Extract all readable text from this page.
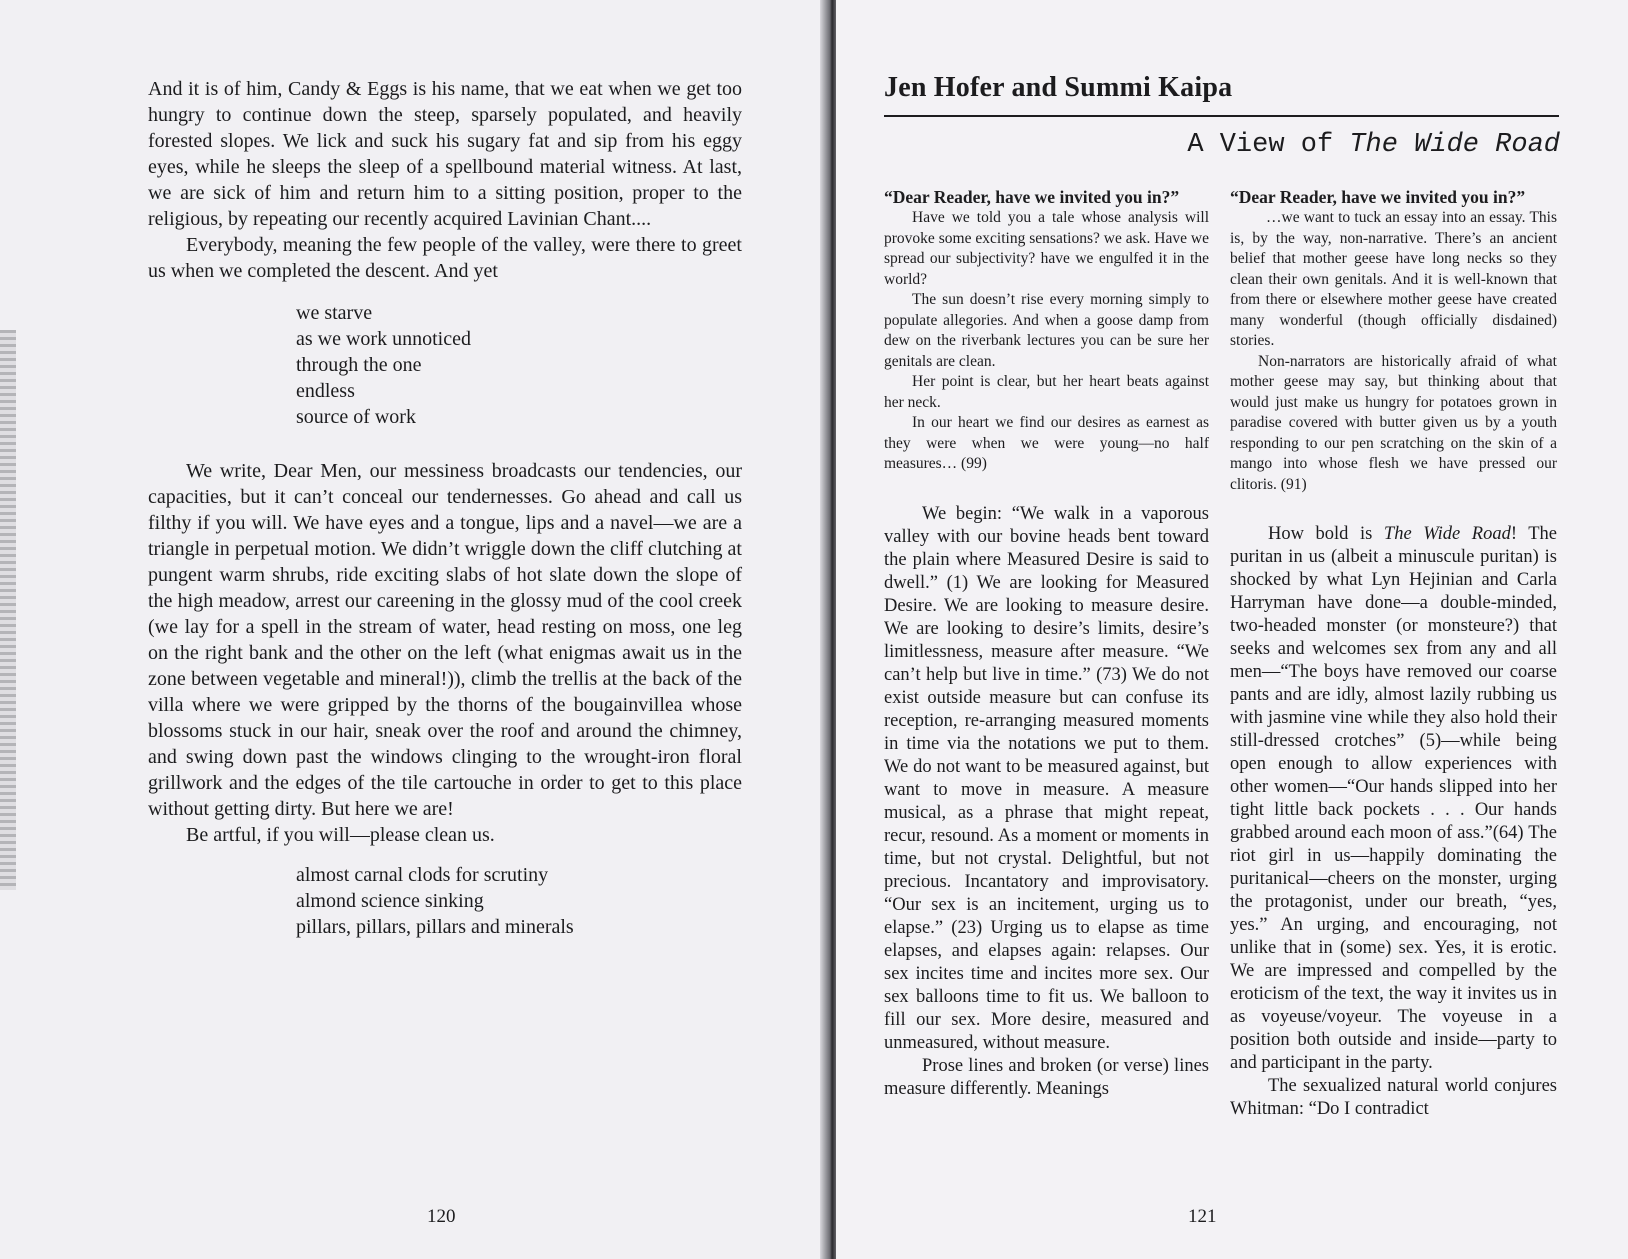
And it is of him, Candy & Eggs is his name, that we eat when we get too hungry to continue down the steep, sparsely populated, and heavily forested slopes. We lick and suck his sugary fat and sip from his eggy eyes, while he sleeps the sleep of a spellbound material witness. At last, we are sick of him and return him to a sitting position, proper to the religious, by repeating our recently acquired Lavinian Chant....

Everybody, meaning the few people of the valley, were there to greet us when we completed the descent. And yet

we starve
as we work unnoticed
through the one
endless
source of work

We write, Dear Men, our messiness broadcasts our tendencies, our capacities, but it can’t conceal our tendernesses. Go ahead and call us filthy if you will. We have eyes and a tongue, lips and a navel—we are a triangle in perpetual motion. We didn’t wriggle down the cliff clutching at pungent warm shrubs, ride exciting slabs of hot slate down the slope of the high meadow, arrest our careening in the glossy mud of the cool creek (we lay for a spell in the stream of water, head resting on moss, one leg on the right bank and the other on the left (what enigmas await us in the zone between vegetable and mineral!)), climb the trellis at the back of the villa where we were gripped by the thorns of the bougainvillea whose blossoms stuck in our hair, sneak over the roof and around the chimney, and swing down past the windows clinging to the wrought-iron floral grillwork and the edges of the tile cartouche in order to get to this place without getting dirty. But here we are!

Be artful, if you will—please clean us.

almost carnal clods for scrutiny
almond science sinking
pillars, pillars, pillars and minerals
120
Jen Hofer and Summi Kaipa
A View of The Wide Road

“Dear Reader, have we invited you in?”

Have we told you a tale whose analysis will provoke some exciting sensations? we ask. Have we spread our subjectivity? have we engulfed it in the world?

The sun doesn’t rise every morning simply to populate allegories. And when a goose damp from dew on the riverbank lectures you can be sure her genitals are clean.

Her point is clear, but her heart beats against her neck.

In our heart we find our desires as earnest as they were when we were young—no half measures… (99)

We begin: “We walk in a vaporous valley with our bovine heads bent toward the plain where Measured Desire is said to dwell.” (1) We are looking for Measured Desire. We are looking to measure desire. We are looking to desire’s limits, desire’s limitlessness, measure after measure. “We can’t help but live in time.” (73) We do not exist outside measure but can confuse its reception, re-arranging measured moments in time via the notations we put to them. We do not want to be measured against, but want to move in measure. A measure musical, as a phrase that might repeat, recur, resound. As a moment or moments in time, but not crystal. Delightful, but not precious. Incantatory and improvisatory. “Our sex is an incitement, urging us to elapse.” (23) Urging us to elapse as time elapses, and elapses again: relapses. Our sex incites time and incites more sex. Our sex balloons time to fit us. We balloon to fill our sex. More desire, measured and unmeasured, without measure.

Prose lines and broken (or verse) lines measure differently. Meanings

“Dear Reader, have we invited you in?”

…we want to tuck an essay into an essay. This is, by the way, non-narrative. There’s an ancient belief that mother geese have long necks so they clean their own genitals. And it is well-known that from there or elsewhere mother geese have created many wonderful (though officially disdained) stories.

Non-narrators are historically afraid of what mother geese may say, but thinking about that would just make us hungry for potatoes grown in paradise covered with butter given us by a youth responding to our pen scratching on the skin of a mango into whose flesh we have pressed our clitoris. (91)

How bold is The Wide Road! The puritan in us (albeit a minuscule puritan) is shocked by what Lyn Hejinian and Carla Harryman have done—a double-minded, two-headed monster (or monsteure?) that seeks and welcomes sex from any and all men—“The boys have removed our coarse pants and are idly, almost lazily rubbing us with jasmine vine while they also hold their still-dressed crotches” (5)—while being open enough to allow experiences with other women—“Our hands slipped into her tight little back pockets . . . Our hands grabbed around each moon of ass.”(64) The riot girl in us—happily dominating the puritanical—cheers on the monster, urging the protagonist, under our breath, “yes, yes.” An urging, and encouraging, not unlike that in (some) sex. Yes, it is erotic. We are impressed and compelled by the eroticism of the text, the way it invites us in as voyeuse/voyeur. The voyeuse in a position both outside and inside—party to and participant in the party.

The sexualized natural world conjures Whitman: “Do I contradict

121
